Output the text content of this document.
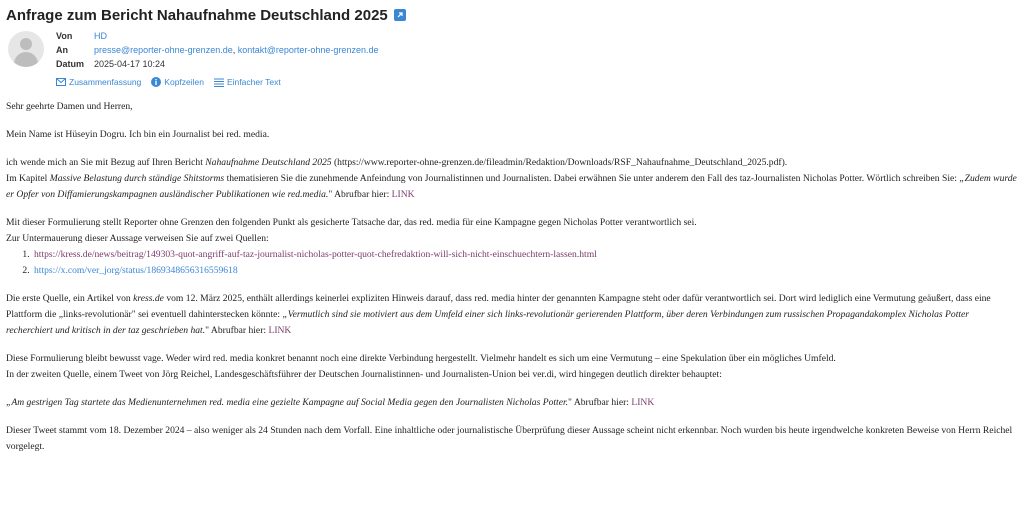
Anfrage zum Bericht Nahaufnahme Deutschland 2025
Von	HD
An	presse@reporter-ohne-grenzen.de, kontakt@reporter-ohne-grenzen.de
Datum	2025-04-17 10:24
Zusammenfassung	Kopfzeilen	Einfacher Text

Sehr geehrte Damen und Herren,

Mein Name ist Hüseyin Dogru. Ich bin ein Journalist bei red. media.

ich wende mich an Sie mit Bezug auf Ihren Bericht Nahaufnahme Deutschland 2025 (https://www.reporter-ohne-grenzen.de/fileadmin/Redaktion/Downloads/RSF_Nahaufnahme_Deutschland_2025.pdf).

Im Kapitel Massive Belastung durch ständige Shitstorms thematisieren Sie die zunehmende Anfeindung von Journalistinnen und Journalisten. Dabei erwähnen Sie unter anderem den Fall des taz-Journalisten Nicholas Potter. Wörtlich schreiben Sie: „Zudem wurde er Opfer von Diffamierungskampagnen ausländischer Publikationen wie red.media." Abrufbar hier: LINK

Mit dieser Formulierung stellt Reporter ohne Grenzen den folgenden Punkt als gesicherte Tatsache dar, das red. media für eine Kampagne gegen Nicholas Potter verantwortlich sei.

Zur Untermauerung dieser Aussage verweisen Sie auf zwei Quellen:

1. https://kress.de/news/beitrag/149303-quot-angriff-auf-taz-journalist-nicholas-potter-quot-chefredaktion-will-sich-nicht-einschuechtern-lassen.html
2. https://x.com/ver_jorg/status/1869348656316559618

Die erste Quelle, ein Artikel von kress.de vom 12. März 2025, enthält allerdings keinerlei expliziten Hinweis darauf, dass red. media hinter der genannten Kampagne steht oder dafür verantwortlich sei. Dort wird lediglich eine Vermutung geäußert, dass eine Plattform die „links-revolutionär" sei eventuell dahinterstecken könnte: „Vermutlich sind sie motiviert aus dem Umfeld einer sich links-revolutionär gerierenden Plattform, über deren Verbindungen zum russischen Propagandakomplex Nicholas Potter recherchiert und kritisch in der taz geschrieben hat." Abrufbar hier: LINK

Diese Formulierung bleibt bewusst vage. Weder wird red. media konkret benannt noch eine direkte Verbindung hergestellt. Vielmehr handelt es sich um eine Vermutung – eine Spekulation über ein mögliches Umfeld.

In der zweiten Quelle, einem Tweet von Jörg Reichel, Landesgeschäftsführer der Deutschen Journalistinnen- und Journalisten-Union bei ver.di, wird hingegen deutlich direkter behauptet:

„Am gestrigen Tag startete das Medienunternehmen red. media eine gezielte Kampagne auf Social Media gegen den Journalisten Nicholas Potter." Abrufbar hier: LINK

Dieser Tweet stammt vom 18. Dezember 2024 – also weniger als 24 Stunden nach dem Vorfall. Eine inhaltliche oder journalistische Überprüfung dieser Aussage scheint nicht erkennbar. Noch wurden bis heute irgendwelche konkreten Beweise von Herrn Reichel vorgelegt.
